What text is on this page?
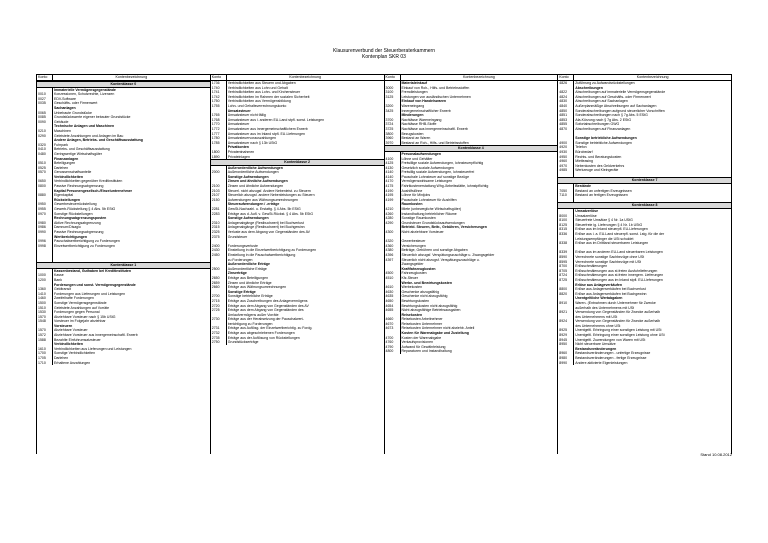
Klausurenverbund der Steuerberaterkammern
Kontenplan SKR 03
Konto	Kontenbezeichnung
Kontenklasse 0
Immaterielle Vermögensgegenstände
0010	Konzessionen, Schutzrechte, Lizenzen
0027	EDV-Software
0035	Geschäfts- oder Firmenwert
Sachanlagen
0065	Unbebaute Grundstücke
0085	Grundstückswerte eigener bebauter Grundstücke
0090	Gebäude
Technische Anlagen und Maschinen
0210	Maschinen
0290	Geleistete Anzahlungen und Anlagen im Bau
Andere Anlagen, Betriebs- und Geschäftsausstattung
0320	Fuhrpark
0410	Betriebs- und Geschäftsausstattung
0480	Geringwertige Wirtschaftsgüter
Finanzanlagen
0510	Beteiligungen
0525	Darlehen
0570	Genossenschaftsanteile
Verbindlichkeiten
0650	Verbindlichkeiten gegenüber Kreditinstituten
0800	Passive Rechnungsabgrenzung
Kapital Personengesellsch./Einzelunternehmer
0880	Eigenkapital
Rückstellungen
0950	Gewerbesteuerrückstellung
0955	Gewerb-Rückstellung § 4 Abs. 5b EStG
0970	Sonstige Rückstellungen
Rechnungsabgrenzungsposten
0980	Aktive Rechnungsabgrenzung
0986	Damnum/Disagio
0990	Passive Rechnungsabgrenzung
Wertberichtigungen
0996	Pauschalwertberichtigung zu Forderungen
0998	Einzelwertberichtigung zu Forderungen
Kontenklasse 1
Kassenbestand, Guthaben bei Kreditinstituten
1000	Kasse
1200	Bank
Forderungen und sonst. Vermögensgegenstände
1360	Geldtransit
1410	Forderungen aus Lieferungen und Leistungen
1460	Zweifelhafte Forderungen
1500	Sonstige Vermögensgegenstände
1510	Geleistete Anzahlungen auf Vorräte
1530	Forderungen gegen Personal
1570	Abziehbare Vorsteuer nach § 15b UStG
1548	Vorsteuer im Folgejahr abziehbar
Vorsteuern
1570	Abziehbare Vorsteuer
1572	Abziehbare Vorsteuer aus innergemeinschaftl. Erwerb
1588	Bezahlte Einfuhrumsatzsteuer
Verbindlichkeiten
1610	Verbindlichkeiten aus Lieferungen und Leistungen
1700	Sonstige Verbindlichkeiten
1705	Darlehen
1710	Erhaltene Anzahlungen
Konto	Kontenbezeichnung
1736	Verbindlichkeiten aus Steuern und Abgaben
1740	Verbindlichkeiten aus Lohn und Gehalt
1741	Verbindlichkeiten aus Lohn- und Kirchensteuer
1742	Verbindlichkeiten im Rahmen der sozialen Sicherheit
1750	Verbindlichkeiten aus Vermögensbildung
1755	Lohn- und Gehaltsverrechnungskonto
Umsatzsteuer
1765	Umsatzsteuer nicht fällig
1768	Umsatzsteuer aus i. anderen EU-Land stpfl. sonst. Leistungen
1770	Umsatzsteuer
1772	Umsatzsteuer aus innergemeinschaftlichem Erwerb
1777	Umsatzsteuer aus im Inland stpfl. EU-Lieferungen
1780	Umsatzsteuervorauszahlungen
1785	Umsatzsteuer nach § 13b UStG
Privatkonten
1800	Privatentnahmen
1890	Privateinlagen
Kontenklasse 2
Außerordentliche Aufwendungen
2000	Außerordentliche Aufwendungen
Sonstige Aufwendungen
Zinsen und ähnliche Aufwendungen
2100	Zinsen und ähnliche Aufwendungen
2103	Steuerl. nicht abzugsf. Andere Nebenleist. zu Steuern
2107	Steuerlich abzugsf. andere Nebenleistungen zu Steuern
2150	Aufwendungen aus Währungsumrechnungen
Steueraufwendungen / -erträge
2281	GewSt-Nachzahl. u. Erstattg. § 4 Abs. 5b EStG
2283	Erträge aus d. Aufl. v. GewSt-Rückst. § 4 Abs. 5b EStG
Sonstige Aufwendungen
2310	Anlagenabgänge (Restbuchwert) bei Buchverlust
2315	Anlagenabgänge (Restbuchwert) bei Buchgewinn
2325	Verluste aus dem Abgang von Gegenständen des AV
2375	Grundsteuer
2400	Forderungsverluste
2430	Einstellung in die Einzelwertberichtigung zu Forderungen
2450	Einstellung in die Pauschalwertberichtigung
zu Forderungen
Außerordentliche Erträge
2500	Außerordentliche Erträge
Zinserträge
2650	Erträge aus Beteiligungen
2659	Zinsen und ähnliche Erträge
2660	Erträge aus Währungsumrechnungen
Sonstige Erträge
2700	Sonstige betriebliche Erträge
2715	Erträge aus Zuschreibungen des Anlagevermögens
2720	Erträge aus dem Abgang von Gegenständen des AV
2725	Erträge aus dem Abgang von Gegenständen des
Umlaufvermögens außer Vorräte
2730	Erträge aus der Herabsetzung der Pauschalwert-
berichtigung zu Forderungen
2731	Erträge aus Auflösg. der Einzelwertberichtig. zu Fordg.
2732	Erträge aus abgeschriebenen Forderungen
2735	Erträge aus der Auflösung von Rückstellungen
2750	Grundstückserträge
Konto	Kontenbezeichnung
Materialeinkauf
3000	Einkauf von Roh-, Hilfs- und Betriebsstoffen
3100	Fremdleistungen
3125	Leistungen von ausländischen Unternehmen
Einkauf von Handelswaren
3200	Wareneingang
3425	Innergemeinschaftlicher Erwerb
Minderungen
3700	Nachlässe Wareneingang
3724	Nachlässe RHB-Stoffe
3725	Nachlässe aus innergemeinschaftl. Erwerb
3800	Bezugskosten
3960	Bestand an Waren
3970	Bestand an Roh-, Hilfs- und Betriebsstoffen
Kontenklasse 4
Personalaufwendungen
4100	Löhne und Gehälter
4125	Freiwillige soziale Aufwendungen, lohnsteuerpflichtig
4130	Gesetzlich soziale Aufwendungen
4140	Freiwillig soziale Aufwendungen, lohnsteuerfrei
4140	Pauschale Lohnsteuer auf sonstige Bezüge
4170	Vermögenswirksame Leistungen
4175	Fahrtkostenerstattung Whg./Arbeitsstätte, lohnstpflichtig
4190	Aushilfslöhne
4195	Löhne für Minijobs
4199	Pauschale Lohnsteuer für Aushilfen
Raumkosten
4210	Miete (unbewegliche Wirtschaftsgüter)
4260	Instandhaltung betrieblicher Räume
4280	Sonstige Raumkosten
4290	Grundsteuer Grundstücksaufwendungen
Betriebl. Steuern, Beitr., Gebühren, Versicherungen
4300	Nicht abziehbare Vorsteuer
4320	Gewerbesteuer
4360	Versicherungen
4380	Beiträge, Gebühren und sonstige Abgaben
4396	Steuerlich abzugsf. Verspätungszuschläge u. Zwangsgelder
4397	Steuerlich nicht abzugsf. Verspätungszuschläge u.
Zwangsgelder
Kraftfahrzeugkosten
4500	Fahrzeugkosten
4510	Kfz-Steuer
Werbe- und Bewirtungskosten
4610	Werbekosten
4630	Geschenke abzugsfähig
4635	Geschenke nicht abzugsfähig
4650	Bewirtungskosten
4654	Bewirtungskosten nicht abzugsfähig
4655	Nicht abzugsfähige Betriebsausgaben
Reisekosten
4660	Reisekosten Arbeitnehmer
4670	Reisekosten Unternehmer
4673	Reisekosten Unternehmer nicht abziehb. Anteil
Kosten für Warenabgabe und Zustellung
4700	Kosten der Warenabgabe
4760	Verkaufsprovisionen
4790	Aufwand für Gewährleistung
4800	Reparaturen und Instandhaltung
Konto	Kontenbezeichnung
4826	Zuführung zu Aufwandsrückstellungen
Abschreibungen
4822	Abschreibungen auf immaterielle Vermögensgegenstände
4824	Abschreibungen auf Geschäfts- oder Firmenwert
4830	Abschreibungen auf Sachanlagen
4840	Außerplanmäßige Abschreibungen auf Sachanlagen
4850	Sonderabschreibungen aufgrund steuerlicher Vorschriften
4851	Sonderabschreibungen nach § 7g Abs. 5 EStG
4853	Afa-Kürzung nach § 7g Abs. 2 EStG
4855	Sofortabschreibungen GWG
4870	Abschreibungen auf Finanzanlagen
Sonstige betriebliche Aufwendungen
4900	Sonstige betriebliche Aufwendungen
4920	Telefon
4930	Bürobedarf
4950	Rechts- und Beratungskosten
4960	Mietleasing
4970	Nebenkosten des Geldverkehrs
4985	Werkzeuge und Kleingeräte
Kontenklasse 7
Bestände
7050	Bestand an unfertigen Erzeugnissen
7110	Bestand an fertigen Erzeugnissen
Kontenklasse 8
Umsatzerlöse
8000	Umsatzerlöse
8100	Steuerfreie Umsätze § 4 Nr. 1a UStG
8125	Steuerfreie ig. Lieferungen § 4 Nr. 1b UStG
8315	Erlöse aus im Inland steuerpfl. EU-Lieferungen
8336	Erlöse aus i. a. EU-Land steuerpfl. sonst. Lstg. für die der
Leistungsempfänger die USt schuldet
8338	Erlöse aus im Drittland steuerbaren Leistungen
8339	Erlöse aus im anderen EU-Land steuerbaren Leistungen
8590	Verrechnete sonstige Sachbezüge ohne USt
8595	Verrechnete sonstige Sachbezüge mit USt
8700	Erlösschmälerungen
8705	Erlösschmälerungen aus st.freien Ausfuhrlieferungen
8724	Erlösschmälerungen aus st.freien innergem. Lieferungen
8725	Erlösschmälerungen aus im Inland stpfl. EU-Lieferungen
Erlöse aus Anlageverkäufen
8800	Erlöse aus Anlagenverkäufen bei Buchverlust
8820	Erlöse aus Anlagenverkäufen bei Buchgewinn
Unentgeltliche Wertabgaben
8910	Waren- (Entnahmen durch Unternehmer für Zwecke
außerhalb des Unternehmens mit USt
8921	Verwendung von Gegenständen für Zwecke außerhalb
des Unternehmens mit USt
8924	Verwendung von Gegenständen für Zwecke außerhalb
des Unternehmens ohne USt
8925	Unentgeltl. Erbringung einer sonstigen Leistung mit USt
8929	Unentgeltl. Erbringung einer sonstigen Leistung ohne USt
8945	Unentgeltl. Zuwendungen von Waren mit USt
8950	Nicht steuerbare Umsätze
Bestandsveränderungen
8960	Bestandsveränderungen - unfertige Erzeugnisse
8980	Bestandsveränderungen - fertige Erzeugnisse
8990	Andere aktivierte Eigenleistungen
Stand 10.08.2012
